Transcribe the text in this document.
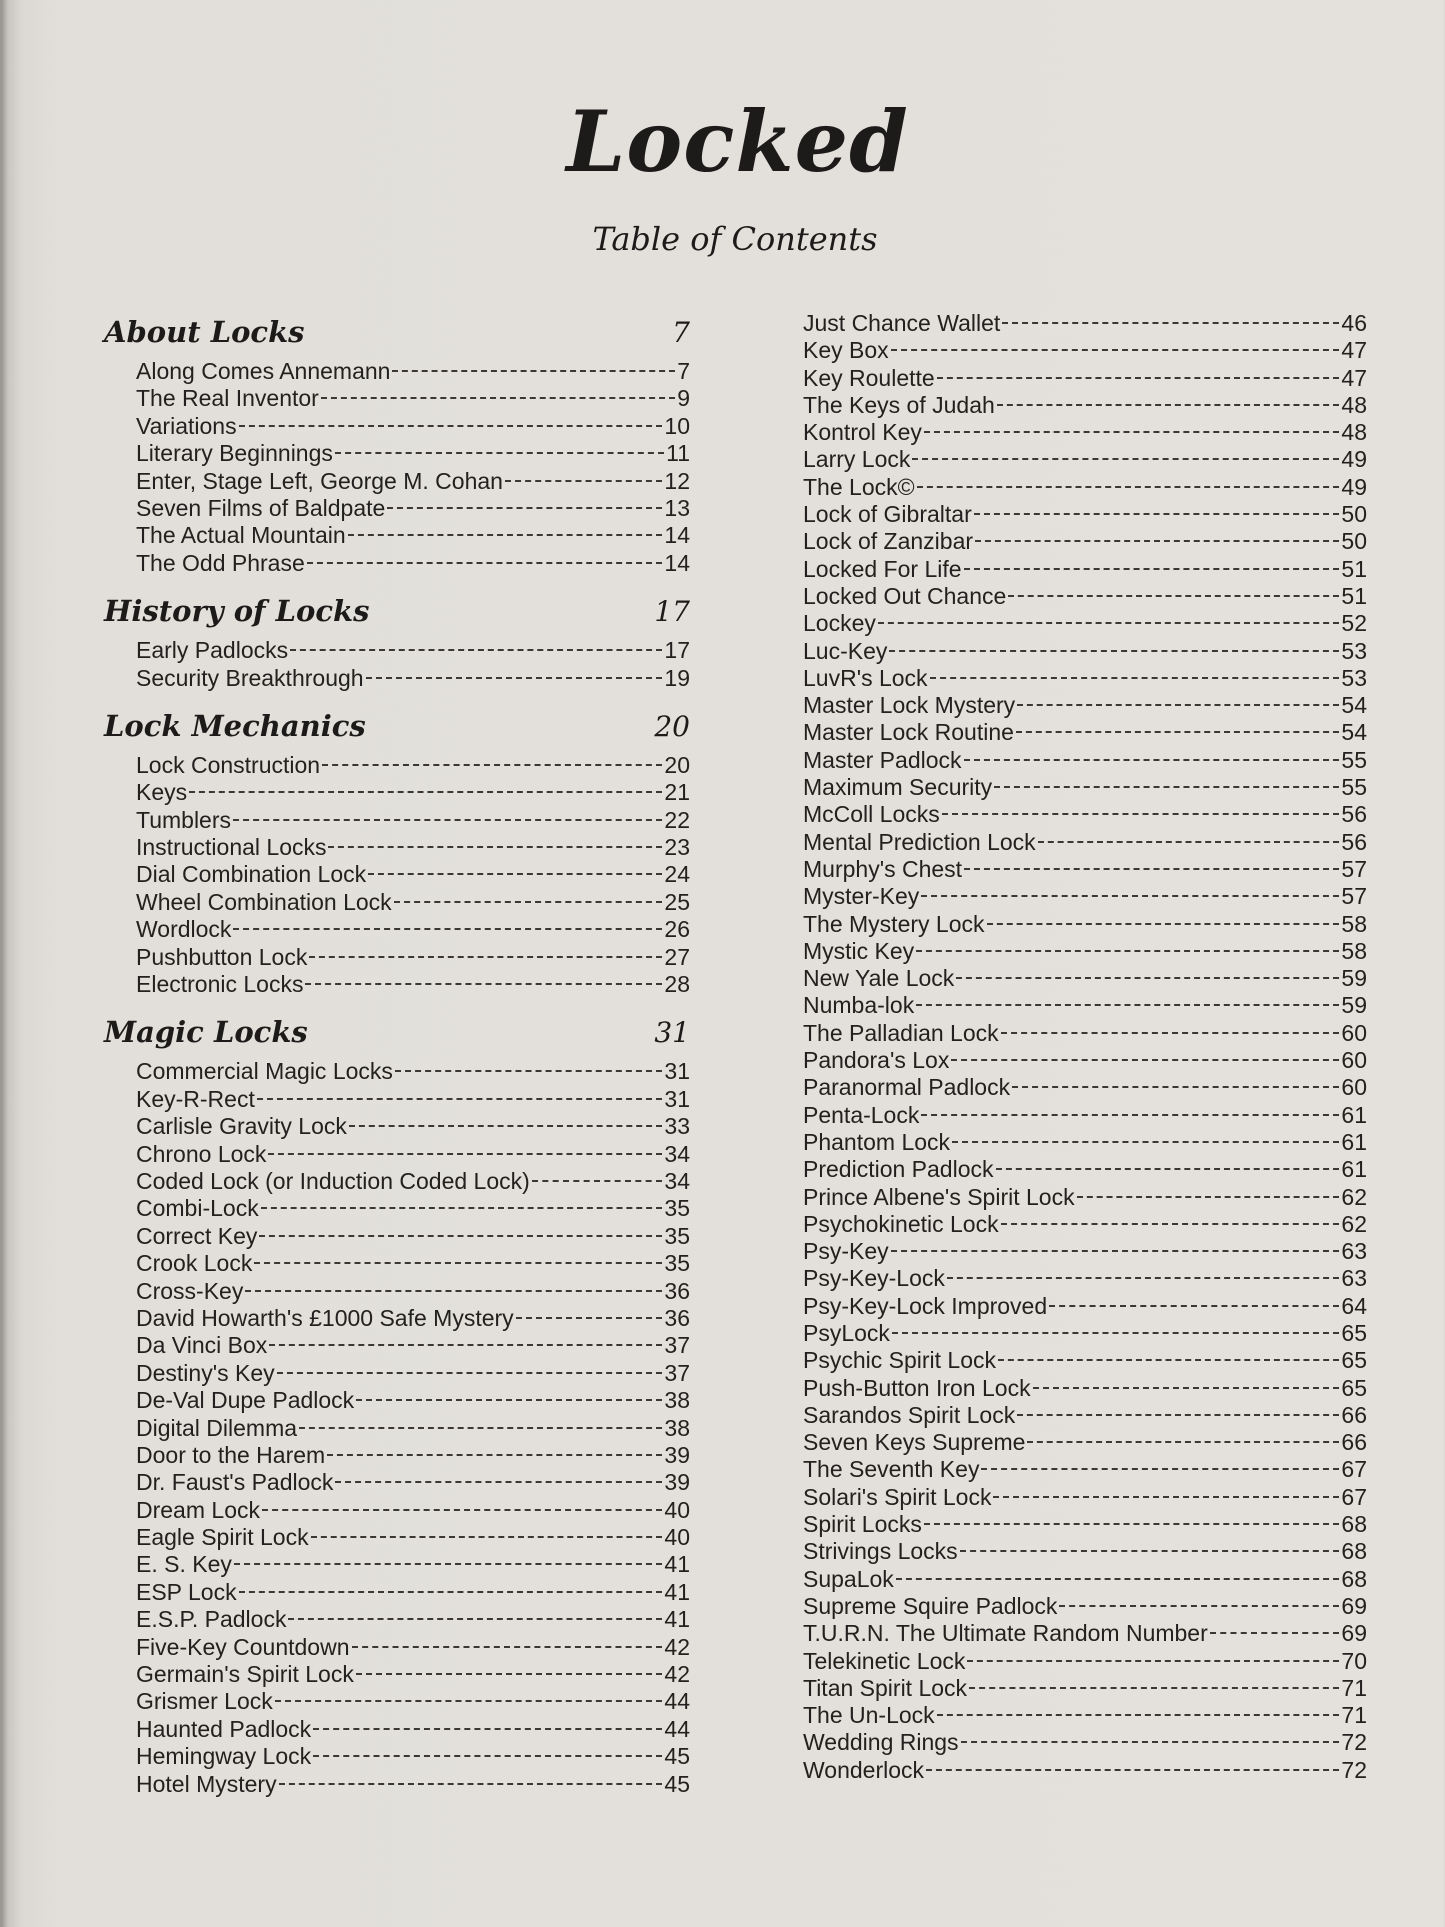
Locked
Table of Contents
About Locks	7
Along Comes Annemann	7
The Real Inventor	9
Variations	10
Literary Beginnings	11
Enter, Stage Left, George M. Cohan	12
Seven Films of Baldpate	13
The Actual Mountain	14
The Odd Phrase	14
History of Locks	17
Early Padlocks	17
Security Breakthrough	19
Lock Mechanics	20
Lock Construction	20
Keys	21
Tumblers	22
Instructional Locks	23
Dial Combination Lock	24
Wheel Combination Lock	25
Wordlock	26
Pushbutton Lock	27
Electronic Locks	28
Magic Locks	31
Commercial Magic Locks	31
Key-R-Rect	31
Carlisle Gravity Lock	33
Chrono Lock	34
Coded Lock (or Induction Coded Lock)	34
Combi-Lock	35
Correct Key	35
Crook Lock	35
Cross-Key	36
David Howarth's £1000 Safe Mystery	36
Da Vinci Box	37
Destiny's Key	37
De-Val Dupe Padlock	38
Digital Dilemma	38
Door to the Harem	39
Dr. Faust's Padlock	39
Dream Lock	40
Eagle Spirit Lock	40
E. S. Key	41
ESP Lock	41
E.S.P. Padlock	41
Five-Key Countdown	42
Germain's Spirit Lock	42
Grismer Lock	44
Haunted Padlock	44
Hemingway Lock	45
Hotel Mystery	45
Just Chance Wallet	46
Key Box	47
Key Roulette	47
The Keys of Judah	48
Kontrol Key	48
Larry Lock	49
The Lock©	49
Lock of Gibraltar	50
Lock of Zanzibar	50
Locked For Life	51
Locked Out Chance	51
Lockey	52
Luc-Key	53
LuvR's Lock	53
Master Lock Mystery	54
Master Lock Routine	54
Master Padlock	55
Maximum Security	55
McColl Locks	56
Mental Prediction Lock	56
Murphy's Chest	57
Myster-Key	57
The Mystery Lock	58
Mystic Key	58
New Yale Lock	59
Numba-lok	59
The Palladian Lock	60
Pandora's Lox	60
Paranormal Padlock	60
Penta-Lock	61
Phantom Lock	61
Prediction Padlock	61
Prince Albene's Spirit Lock	62
Psychokinetic Lock	62
Psy-Key	63
Psy-Key-Lock	63
Psy-Key-Lock Improved	64
PsyLock	65
Psychic Spirit Lock	65
Push-Button Iron Lock	65
Sarandos Spirit Lock	66
Seven Keys Supreme	66
The Seventh Key	67
Solari's Spirit Lock	67
Spirit Locks	68
Strivings Locks	68
SupaLok	68
Supreme Squire Padlock	69
T.U.R.N. The Ultimate Random Number	69
Telekinetic Lock	70
Titan Spirit Lock	71
The Un-Lock	71
Wedding Rings	72
Wonderlock	72
